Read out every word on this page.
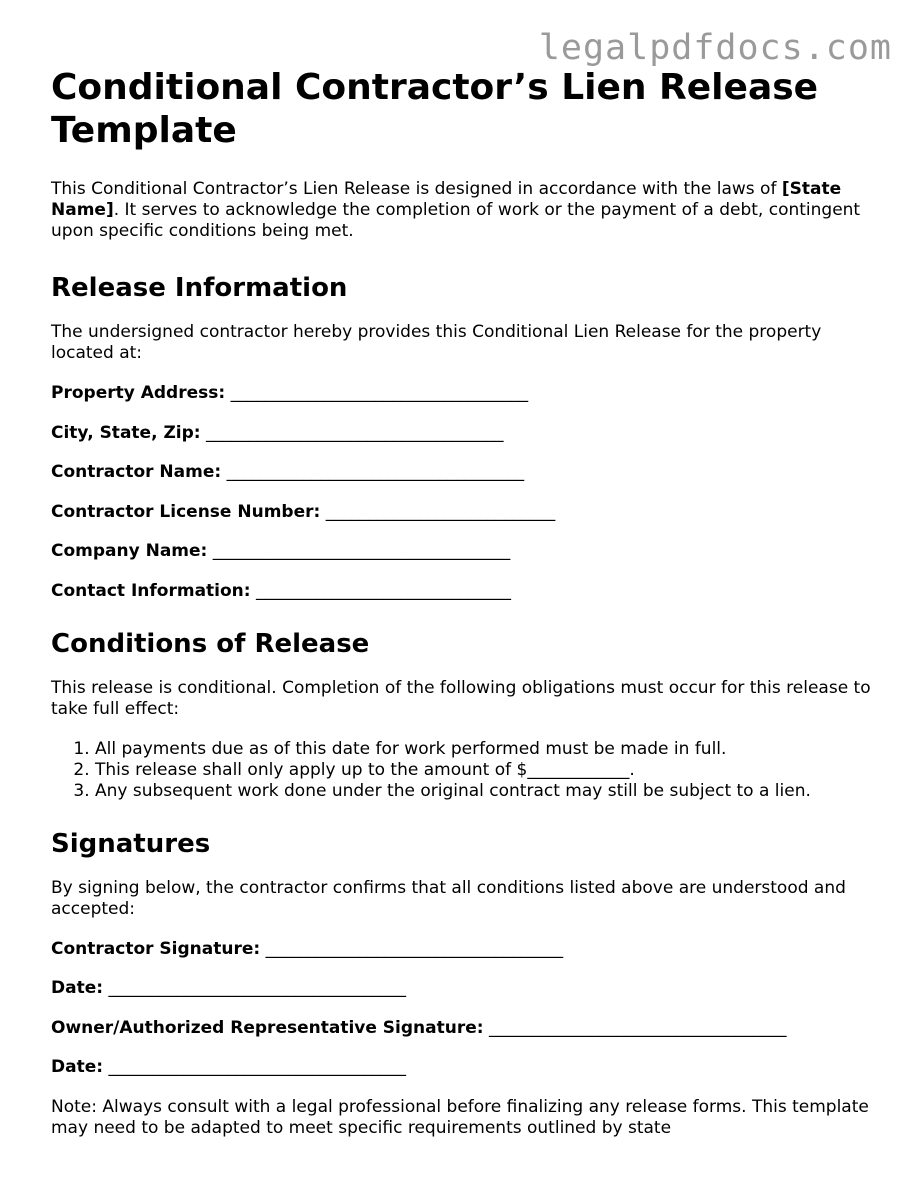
legalpdfdocs.com
Conditional Contractor’s Lien Release Template

This Conditional Contractor’s Lien Release is designed in accordance with the laws of [State Name]. It serves to acknowledge the completion of work or the payment of a debt, contingent upon specific conditions being met.

Release Information

The undersigned contractor hereby provides this Conditional Lien Release for the property located at:

Property Address: ___________________________________
City, State, Zip: ___________________________________
Contractor Name: ___________________________________
Contractor License Number: ___________________________
Company Name: ___________________________________
Contact Information: ______________________________
Conditions of Release

This release is conditional. Completion of the following obligations must occur for this release to take full effect:

1. All payments due as of this date for work performed must be made in full.
2. This release shall only apply up to the amount of $____________.
3. Any subsequent work done under the original contract may still be subject to a lien.
Signatures

By signing below, the contractor confirms that all conditions listed above are understood and accepted:

Contractor Signature: ___________________________________
Date: ___________________________________
Owner/Authorized Representative Signature: ___________________________________
Date: ___________________________________

Note: Always consult with a legal professional before finalizing any release forms. This template may need to be adapted to meet specific requirements outlined by state
